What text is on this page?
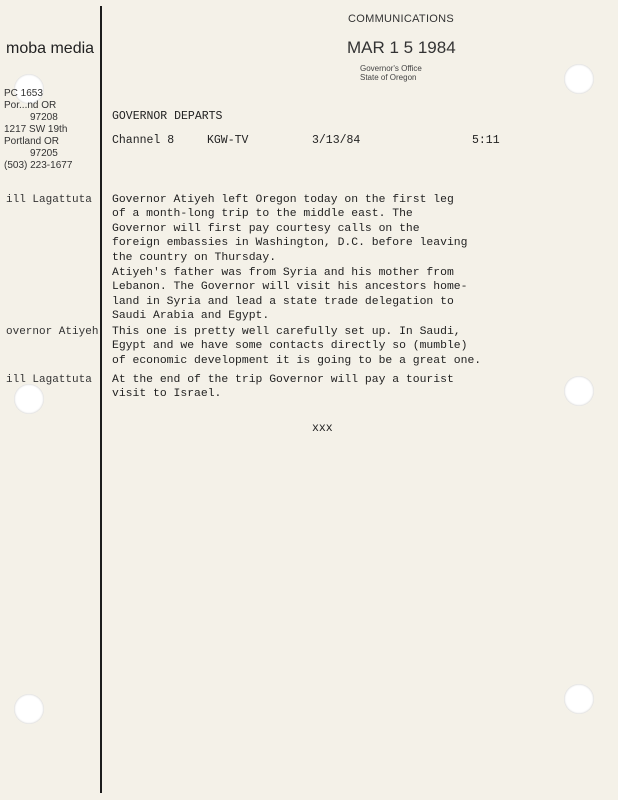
moba media
PC 1653
Por...nd OR
97208
1217 SW 19th
Portland OR
97205
(503) 223-1677
COMMUNICATIONS
MAR 1 5 1984
Governor's Office
State of Oregon
GOVERNOR DEPARTS
Channel 8	KGW-TV	3/13/84	5:11
ill Lagattuta Governor Atiyeh left Oregon today on the first leg
of a month-long trip to the middle east. The
Governor will first pay courtesy calls on the
foreign embassies in Washington, D.C. before leaving
the country on Thursday.
Atiyeh's father was from Syria and his mother from
Lebanon. The Governor will visit his ancestors home-
land in Syria and lead a state trade delegation to
Saudi Arabia and Egypt.
overnor Atiyeh This one is pretty well carefully set up. In Saudi,
Egypt and we have some contacts directly so (mumble)
of economic development it is going to be a great one.
ill Lagattuta At the end of the trip Governor will pay a tourist
visit to Israel.
xxx
